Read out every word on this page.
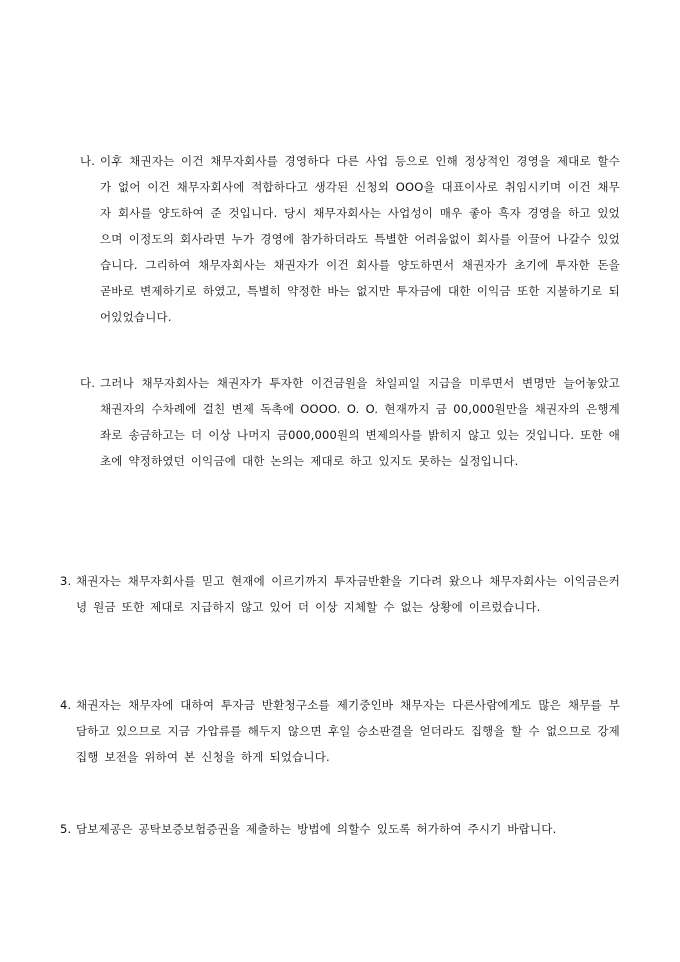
나. 이후 채권자는 이건 채무자회사를 경영하다 다른 사업 등으로 인해 정상적인 경영을 제대로 할수가 없어 이건 채무자회사에 적합하다고 생각된 신청외 OOO을 대표이사로 취임시키며 이건 채무자 회사를 양도하여 준 것입니다. 당시 채무자회사는 사업성이 매우 좋아 흑자 경영을 하고 있었으며 이정도의 회사라면 누가 경영에 참가하더라도 특별한 어려움없이 회사를 이끌어 나갈수 있었습니다. 그리하여 채무자회사는 채권자가 이건 회사를 양도하면서 채권자가 초기에 투자한 돈을 곧바로 변제하기로 하였고, 특별히 약정한 바는 없지만 투자금에 대한 이익금 또한 지불하기로 되어있었습니다.
다. 그러나 채무자회사는 채권자가 투자한 이건금원을 차일피일 지급을 미루면서 변명만 늘어놓았고 채권자의 수차례에 걸친 변제 독촉에 OOOO. O. O. 현재까지 금 00,000원만을 채권자의 은행계좌로 송금하고는 더 이상 나머지 금000,000원의 변제의사를 밝히지 않고 있는 것입니다. 또한 애초에 약정하였던 이익금에 대한 논의는 제대로 하고 있지도 못하는 실정입니다.
3. 채권자는 채무자회사를 믿고 현재에 이르기까지 투자금반환을 기다려 왔으나 채무자회사는 이익금은커녕 원금 또한 제대로 지급하지 않고 있어 더 이상 지체할 수 없는 상황에 이르렀습니다.
4. 채권자는 채무자에 대하여 투자금 반환청구소를 제기중인바 채무자는 다른사람에게도 많은 채무를 부담하고 있으므로 지금 가압류를 해두지 않으면 후일 승소판결을 얻더라도 집행을 할 수 없으므로 강제집행 보전을 위하여 본 신청을 하게 되었습니다.
5. 담보제공은 공탁보증보험증권을 제출하는 방법에 의할수 있도록 허가하여 주시기 바랍니다.
